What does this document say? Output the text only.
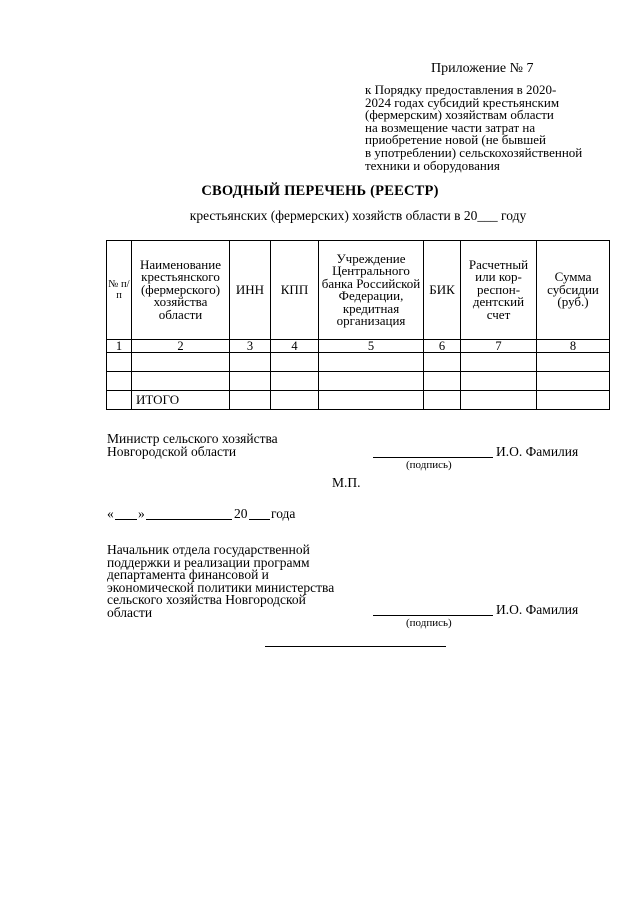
Приложение № 7
к Порядку предоставления в 2020-
2024 годах субсидий крестьянским
(фермерским) хозяйствам области
на возмещение части затрат на
приобретение новой (не бывшей
в употреблении) сельскохозяйственной
техники и оборудования
СВОДНЫЙ ПЕРЕЧЕНЬ (РЕЕСТР)
крестьянских (фермерских) хозяйств области в 20___ году
№ п/п	Наименование крестьянского (фермерского) хозяйства области	ИНН	КПП	Учреждение Центрального банка Российской Федерации, кредитная организация	БИК	Расчетный или кор-респон-дентский счет	Сумма субсидии (руб.)
1	2	3	4	5	6	7	8

	ИТОГО						
Министр сельского хозяйства
Новгородской области	И.О. Фамилия
(подпись)
М.П.
« »	20 года
Начальник отдела государственной
поддержки и реализации программ
департамента финансовой и
экономической политики министерства
сельского хозяйства Новгородской
области	И.О. Фамилия
(подпись)
